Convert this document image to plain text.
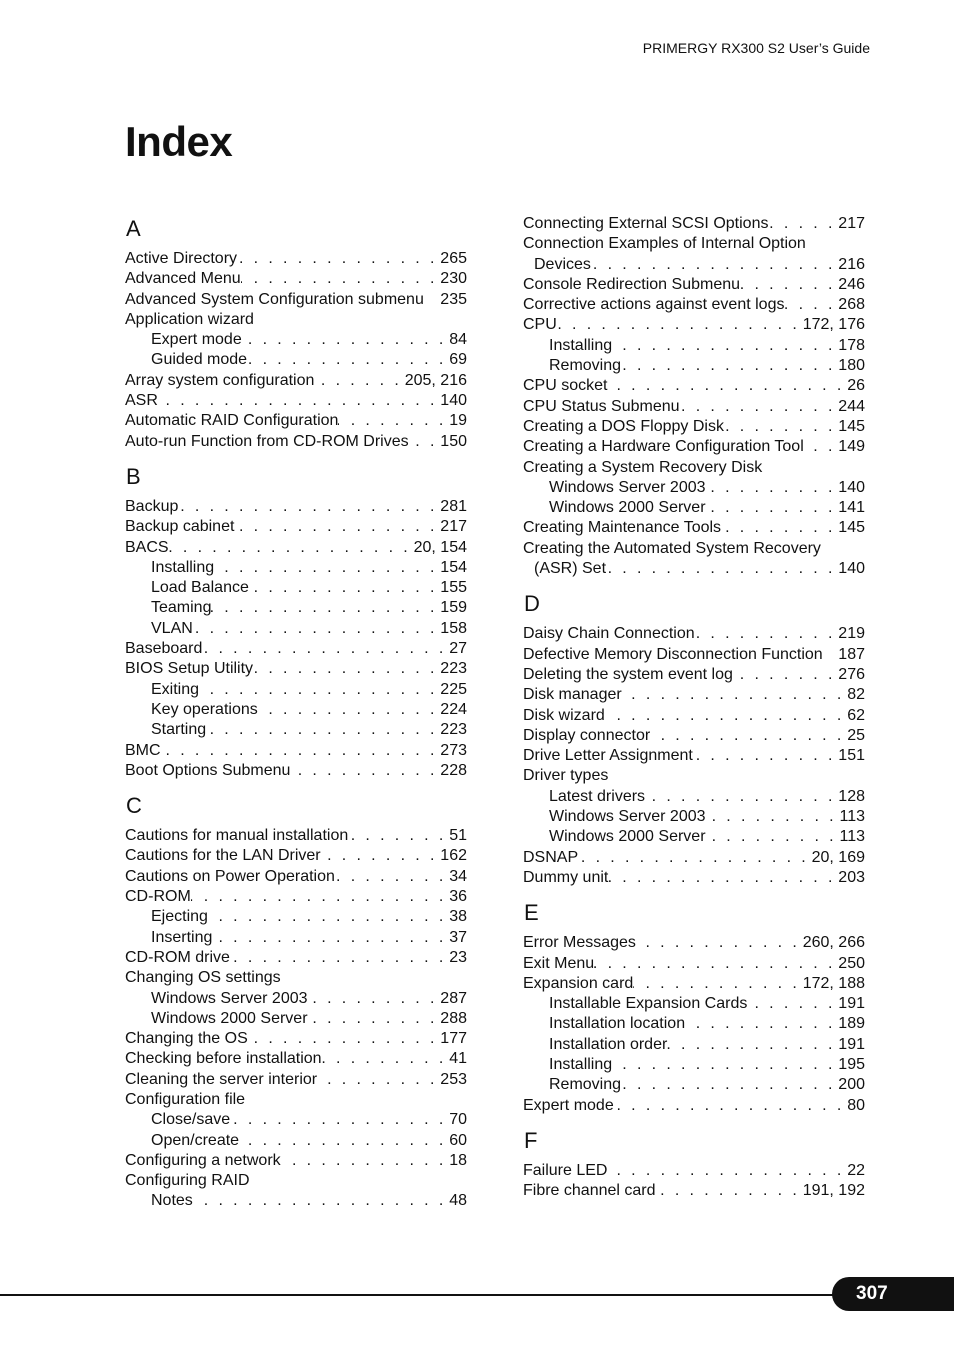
PRIMERGY RX300 S2 User’s Guide
Index
A
Active Directory . . .	265
Advanced Menu . . .	230
Advanced System Configuration submenu 235
Application wizard
Expert mode . . .	84
Guided mode . . .	69
Array system configuration . . .	205, 216
ASR . . .	140
Automatic RAID Configuration . . .	19
Auto-run Function from CD-ROM Drives . . . 150
B
Backup . . .	281
Backup cabinet . . .	217
BACS . . .	20, 154
Installing . . .	154
Load Balance . . .	155
Teaming . . .	159
VLAN . . .	158
Baseboard . . .	27
BIOS Setup Utility . . .	223
Exiting . . .	225
Key operations . . .	224
Starting . . .	223
BMC . . .	273
Boot Options Submenu . . .	228
C
Cautions for manual installation . . .	51
Cautions for the LAN Driver . . .	162
Cautions on Power Operation . . .	34
CD-ROM . . .	36
Ejecting . . .	38
Inserting . . .	37
CD-ROM drive . . .	23
Changing OS settings
Windows Server 2003 . . .	287
Windows 2000 Server . . .	288
Changing the OS . . .	177
Checking before installation . . .	41
Cleaning the server interior . . .	253
Configuration file
Close/save . . .	70
Open/create . . .	60
Configuring a network . . .	18
Configuring RAID
Notes . . .	48
Connecting External SCSI Options . . .	217
Connection Examples of Internal Option
Devices . . .	216
Console Redirection Submenu . . .	246
Corrective actions against event logs . . .	268
CPU . . .	172, 176
Installing . . .	178
Removing . . .	180
CPU socket . . .	26
CPU Status Submenu . . .	244
Creating a DOS Floppy Disk . . .	145
Creating a Hardware Configuration Tool . . . 149
Creating a System Recovery Disk
Windows Server 2003 . . .	140
Windows 2000 Server . . .	141
Creating Maintenance Tools . . .	145
Creating the Automated System Recovery
(ASR) Set . . .	140
D
Daisy Chain Connection . . .	219
Defective Memory Disconnection Function 187
Deleting the system event log . . .	276
Disk manager . . .	82
Disk wizard . . .	62
Display connector . . .	25
Drive Letter Assignment . . .	151
Driver types
Latest drivers . . .	128
Windows Server 2003 . . .	113
Windows 2000 Server . . .	113
DSNAP . . .	20, 169
Dummy unit . . .	203
E
Error Messages . . .	260, 266
Exit Menu . . .	250
Expansion card . . .	172, 188
Installable Expansion Cards . . .	191
Installation location . . .	189
Installation order . . .	191
Installing . . .	195
Removing . . .	200
Expert mode . . .	80
F
Failure LED . . .	22
Fibre channel card . . .	191, 192
307
